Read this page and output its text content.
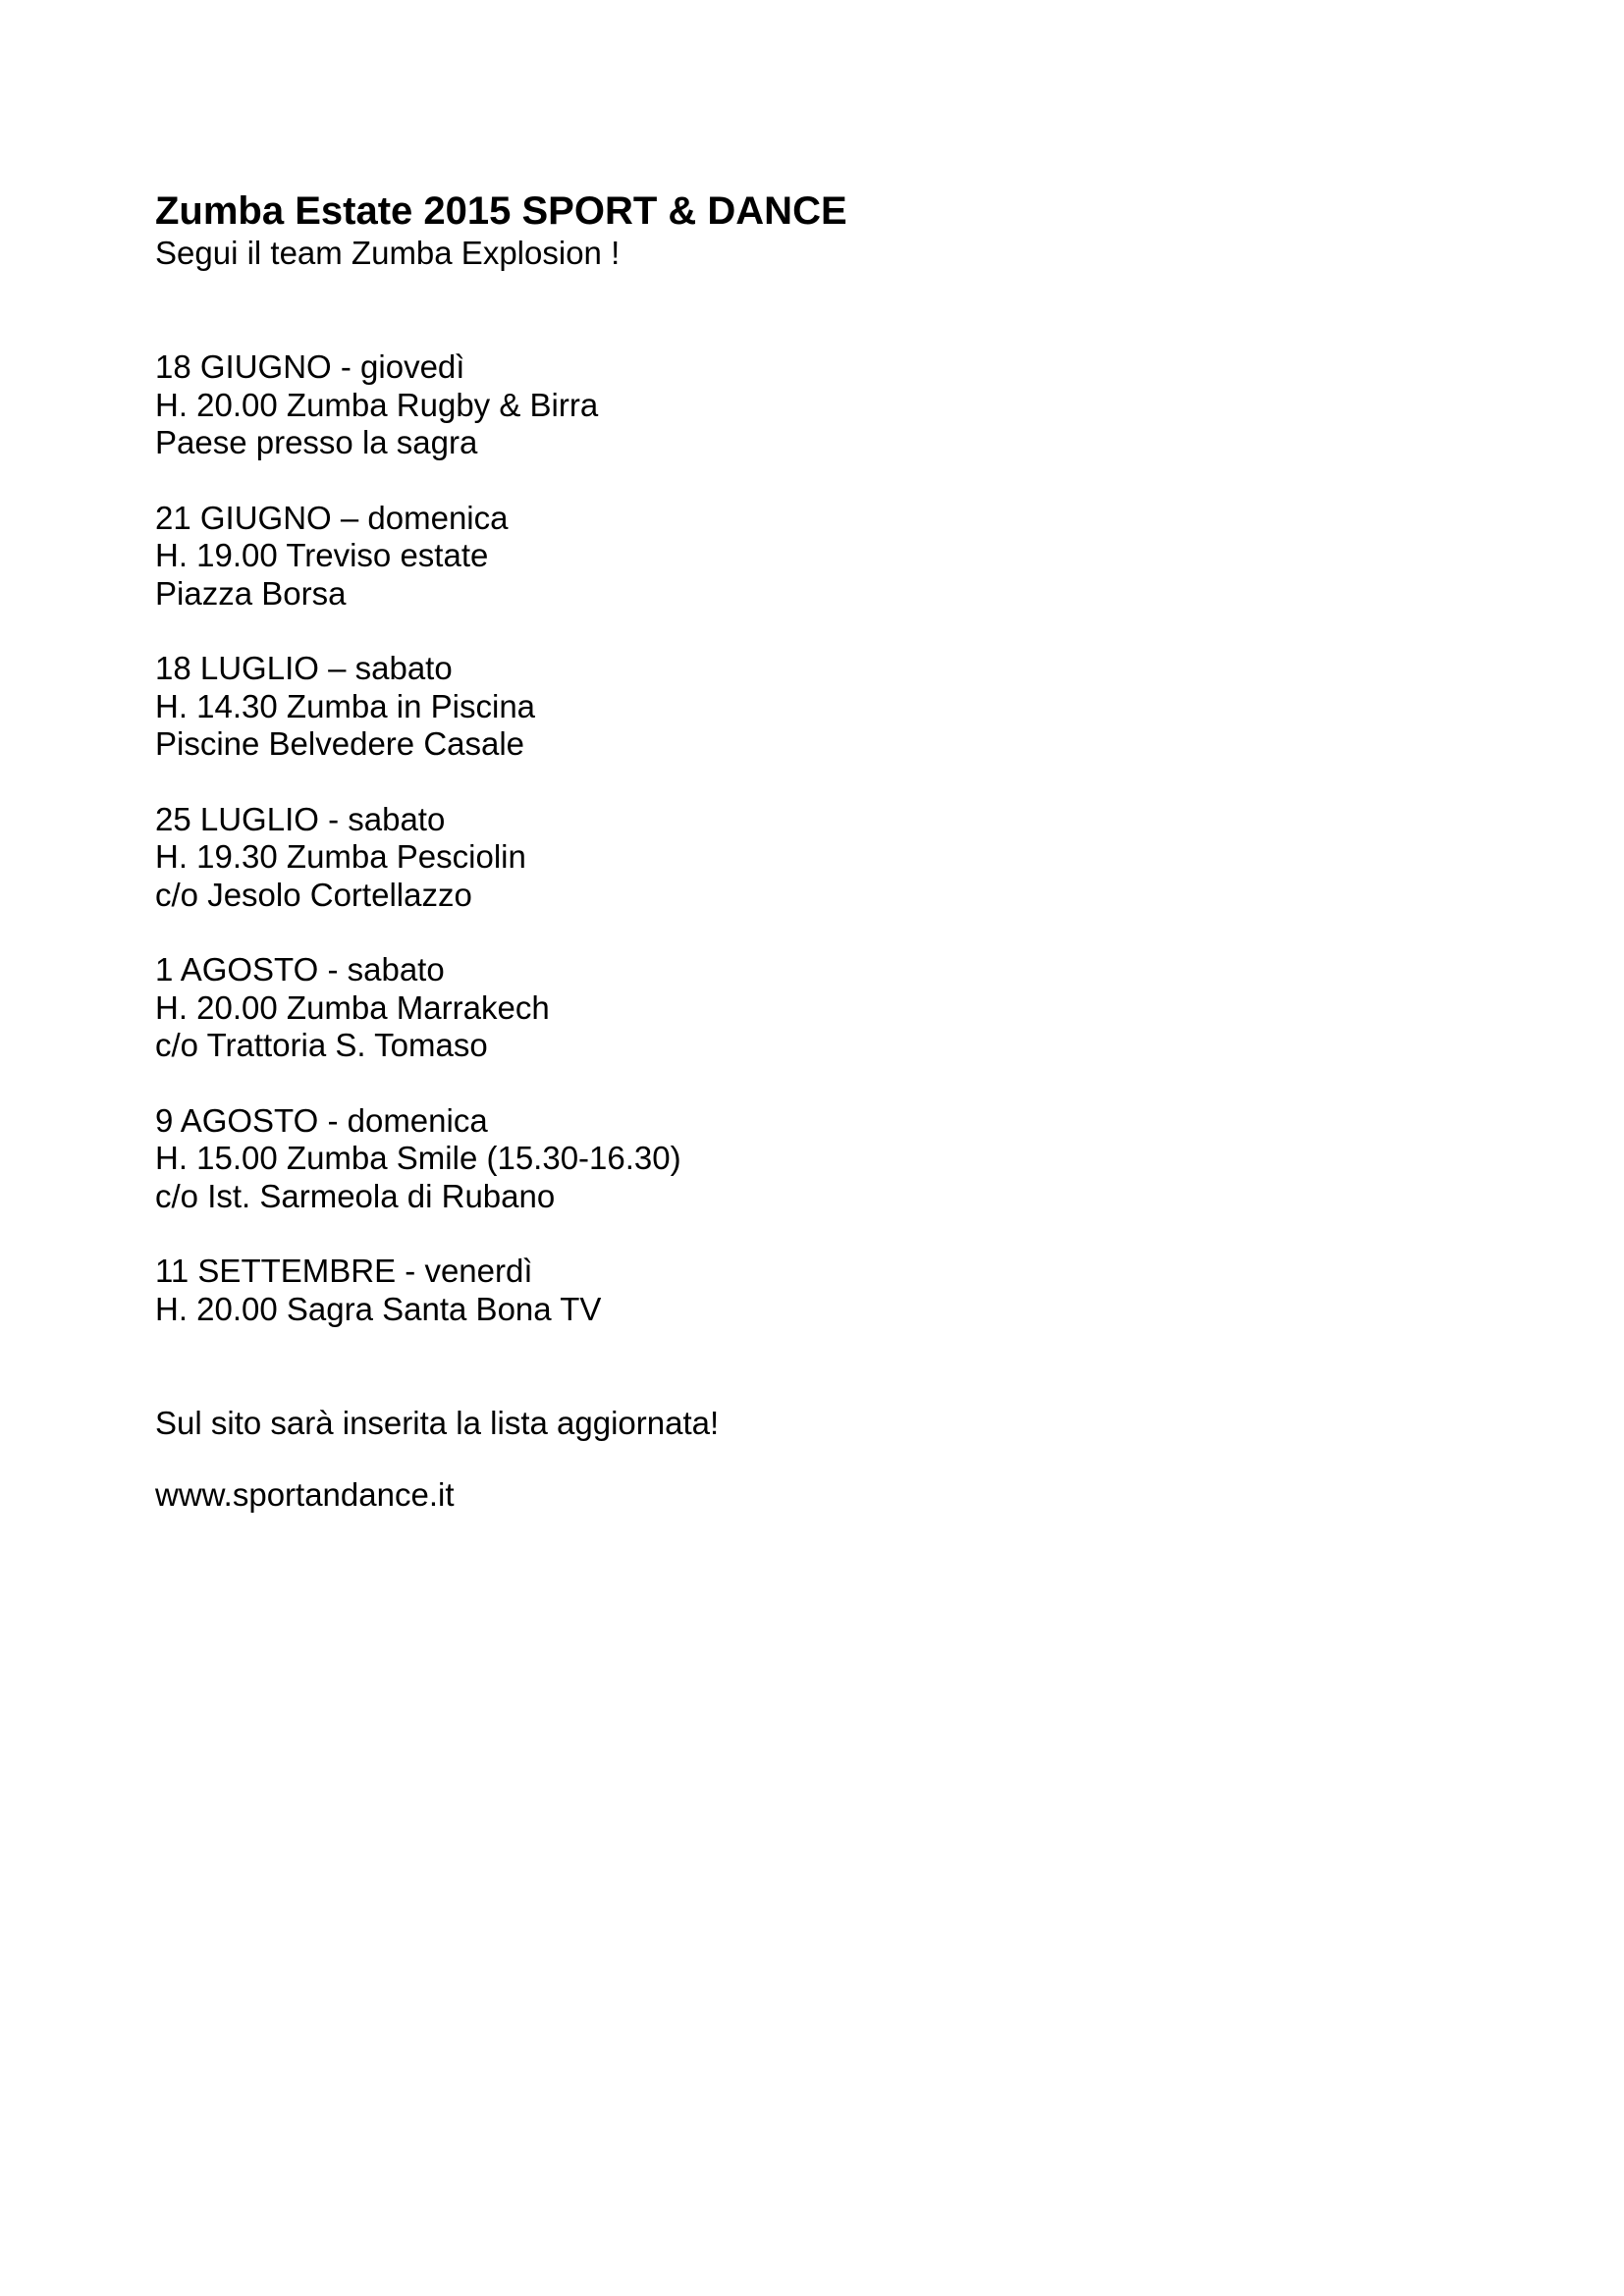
Zumba Estate 2015 SPORT & DANCE
Segui il team Zumba Explosion !
18 GIUGNO - giovedì
H. 20.00 Zumba Rugby & Birra
Paese presso la sagra
21 GIUGNO – domenica
H. 19.00 Treviso estate
Piazza Borsa
18 LUGLIO – sabato
H. 14.30 Zumba in Piscina
Piscine Belvedere Casale
25 LUGLIO - sabato
H. 19.30 Zumba Pesciolin
c/o Jesolo Cortellazzo
1 AGOSTO - sabato
H. 20.00 Zumba Marrakech
c/o Trattoria S. Tomaso
9 AGOSTO - domenica
H. 15.00 Zumba Smile (15.30-16.30)
c/o Ist. Sarmeola di Rubano
11 SETTEMBRE - venerdì
H. 20.00 Sagra Santa Bona TV
Sul sito sarà inserita la lista aggiornata!
www.sportandance.it
